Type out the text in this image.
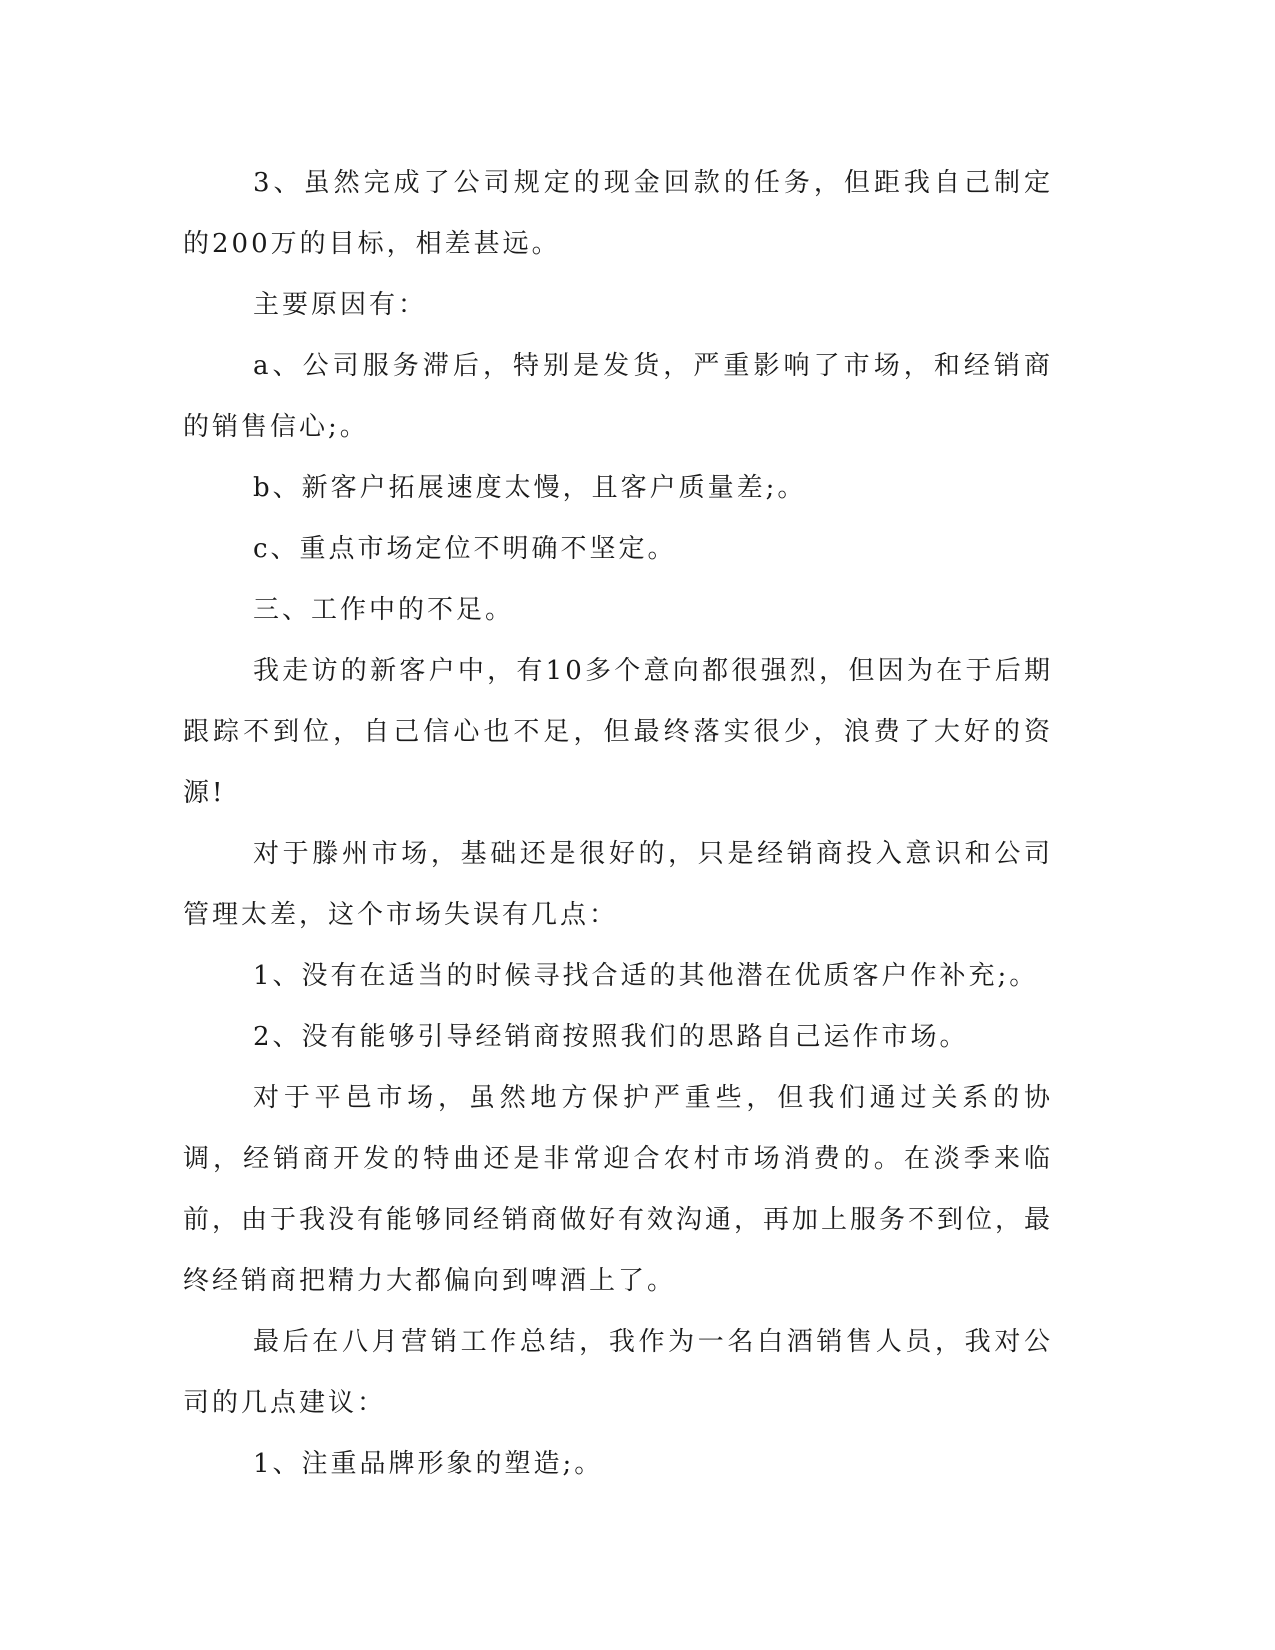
3、虽然完成了公司规定的现金回款的任务，但距我自己制定的200万的目标，相差甚远。

主要原因有：

a、公司服务滞后，特别是发货，严重影响了市场，和经销商的销售信心;。

b、新客户拓展速度太慢，且客户质量差;。

c、重点市场定位不明确不坚定。

三、工作中的不足。

我走访的新客户中，有10多个意向都很强烈，但因为在于后期跟踪不到位，自己信心也不足，但最终落实很少，浪费了大好的资源!

对于滕州市场，基础还是很好的，只是经销商投入意识和公司管理太差，这个市场失误有几点：

1、没有在适当的时候寻找合适的其他潜在优质客户作补充;。

2、没有能够引导经销商按照我们的思路自己运作市场。

对于平邑市场，虽然地方保护严重些，但我们通过关系的协调，经销商开发的特曲还是非常迎合农村市场消费的。在淡季来临前，由于我没有能够同经销商做好有效沟通，再加上服务不到位，最终经销商把精力大都偏向到啤酒上了。

最后在八月营销工作总结，我作为一名白酒销售人员，我对公司的几点建议：

1、注重品牌形象的塑造;。
